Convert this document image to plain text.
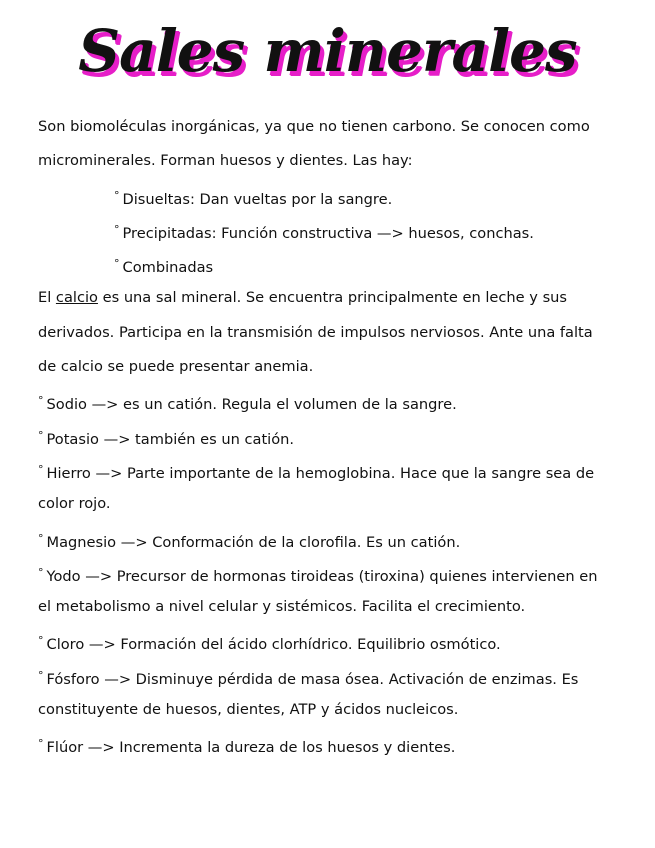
Sales minerales
Son biomoléculas inorgánicas, ya que no tienen carbono. Se conocen como
microminerales. Forman huesos y dientes. Las hay:
° Disueltas: Dan vueltas por la sangre.
° Precipitadas: Función constructiva —> huesos, conchas.
° Combinadas
El calcio es una sal mineral. Se encuentra principalmente en leche y sus
derivados. Participa en la transmisión de impulsos nerviosos. Ante una falta
de calcio se puede presentar anemia.
° Sodio —> es un catión. Regula el volumen de la sangre.
° Potasio —> también es un catión.
° Hierro —> Parte importante de la hemoglobina. Hace que la sangre sea de
color rojo.
° Magnesio —> Conformación de la clorofila. Es un catión.
° Yodo —> Precursor de hormonas tiroideas (tiroxina) quienes intervienen en
el metabolismo a nivel celular y sistémicos. Facilita el crecimiento.
° Cloro —> Formación del ácido clorhídrico. Equilibrio osmótico.
° Fósforo —> Disminuye pérdida de masa ósea. Activación de enzimas. Es
constituyente de huesos, dientes, ATP y ácidos nucleicos.
° Flúor —> Incrementa la dureza de los huesos y dientes.
